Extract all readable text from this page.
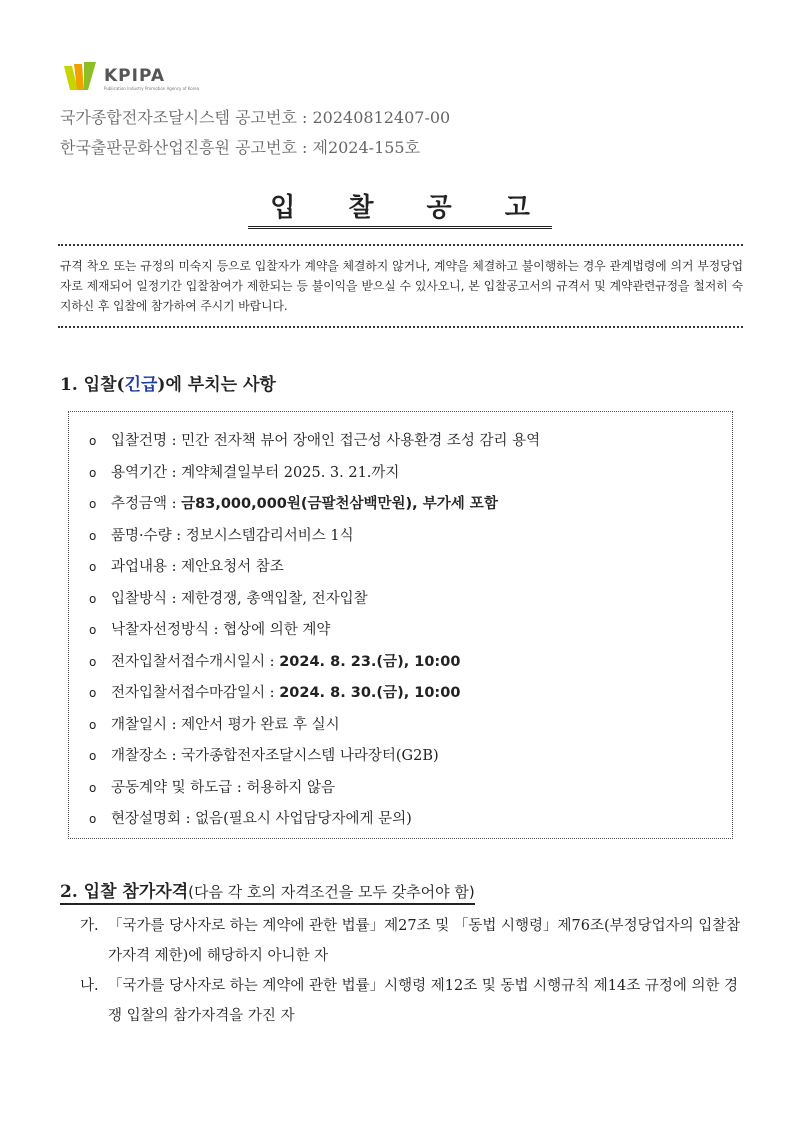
KPIPA
Publication Industry Promotion Agency of Korea
국가종합전자조달시스템 공고번호 : 20240812407-00
한국출판문화산업진흥원 공고번호 : 제2024-155호
입 찰 공 고
규격 착오 또는 규정의 미숙지 등으로 입찰자가 계약을 체결하지 않거나, 계약을 체결하고 불이행하는 경우 관계법령에 의거 부정당업자로 제재되어 일정기간 입찰참여가 제한되는 등 불이익을 받으실 수 있사오니, 본 입찰공고서의 규격서 및 계약관련규정을 철저히 숙지하신 후 입찰에 참가하여 주시기 바랍니다.
1. 입찰(긴급)에 부치는 사항
ο 입찰건명 : 민간 전자책 뷰어 장애인 접근성 사용환경 조성 감리 용역
ο 용역기간 : 계약체결일부터 2025. 3. 21.까지
ο 추정금액 : 금83,000,000원(금팔천삼백만원), 부가세 포함
ο 품명·수량 : 정보시스템감리서비스 1식
ο 과업내용 : 제안요청서 참조
ο 입찰방식 : 제한경쟁, 총액입찰, 전자입찰
ο 낙찰자선정방식 : 협상에 의한 계약
ο 전자입찰서접수개시일시 : 2024. 8. 23.(금), 10:00
ο 전자입찰서접수마감일시 : 2024. 8. 30.(금), 10:00
ο 개찰일시 : 제안서 평가 완료 후 실시
ο 개찰장소 : 국가종합전자조달시스템 나라장터(G2B)
ο 공동계약 및 하도급 : 허용하지 않음
ο 현장설명회 : 없음(필요시 사업담당자에게 문의)
2. 입찰 참가자격(다음 각 호의 자격조건을 모두 갖추어야 함)
가. 「국가를 당사자로 하는 계약에 관한 법률」제27조 및 「동법 시행령」제76조(부정당업자의 입찰참가자격 제한)에 해당하지 아니한 자
나. 「국가를 당사자로 하는 계약에 관한 법률」시행령 제12조 및 동법 시행규칙 제14조 규정에 의한 경쟁 입찰의 참가자격을 가진 자
